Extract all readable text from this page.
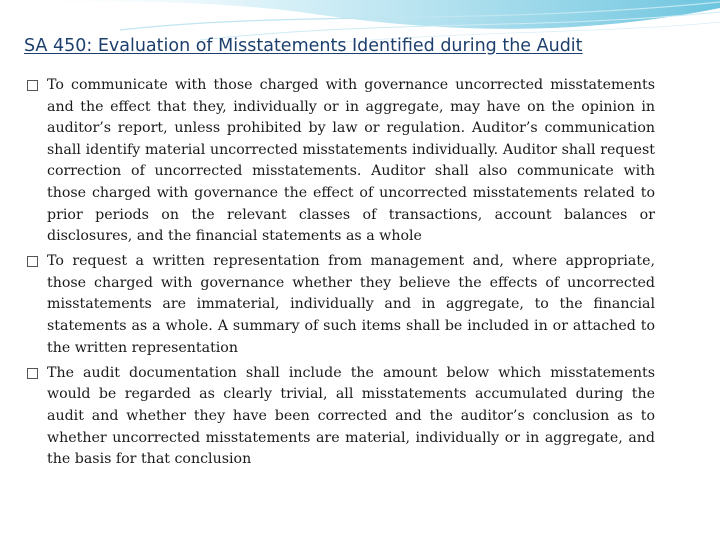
SA 450: Evaluation of Misstatements Identified during the Audit

To communicate with those charged with governance uncorrected misstatements and the effect that they, individually or in aggregate, may have on the opinion in auditor’s report, unless prohibited by law or regulation. Auditor’s communication shall identify material uncorrected misstatements individually. Auditor shall request correction of uncorrected misstatements. Auditor shall also communicate with those charged with governance the effect of uncorrected misstatements related to prior periods on the relevant classes of transactions, account balances or disclosures, and the financial statements as a whole

To request a written representation from management and, where appropriate, those charged with governance whether they believe the effects of uncorrected misstatements are immaterial, individually and in aggregate, to the financial statements as a whole. A summary of such items shall be included in or attached to the written representation

The audit documentation shall include the amount below which misstatements would be regarded as clearly trivial, all misstatements accumulated during the audit and whether they have been corrected and the auditor’s conclusion as to whether uncorrected misstatements are material, individually or in aggregate, and the basis for that conclusion
